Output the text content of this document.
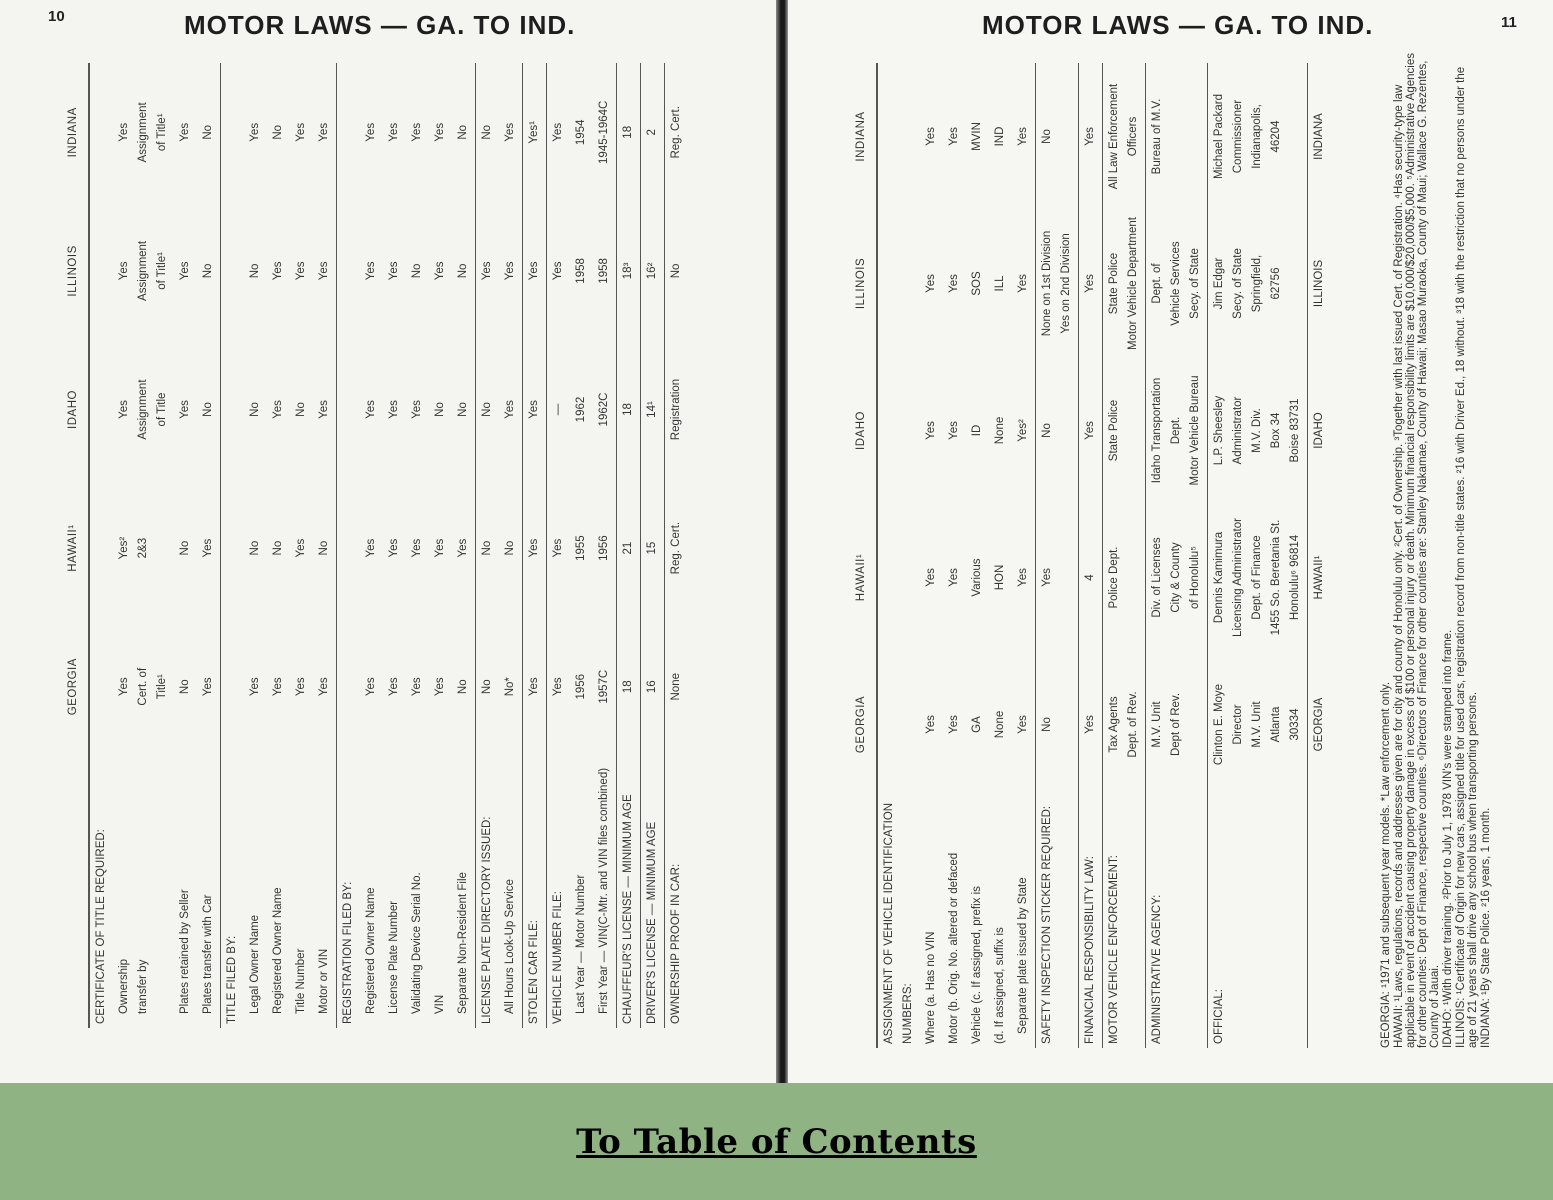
10	MOTOR LAWS — GA. TO IND.
GEORGIA
HAWAII¹
IDAHO
ILLINOIS
INDIANA
CERTIFICATE OF TITLE REQUIRED: Ownership
transfer by
Yes
Cert. of
Title¹
Yes²
2&3
Yes
Assignment
of Title
Yes
Assignment
of Title¹
Yes
Assignment
of Title¹
Plates retained by Seller
No
No
Yes
Yes
Yes
Plates transfer with Car
Yes
Yes
No
No
No
TITLE FILED BY: Legal Owner Name
Yes
No
No
No
Yes
Registered Owner Name
Yes
No
Yes
Yes
No
Title Number
Yes
Yes
No
Yes
Yes
Motor or VIN
Yes
No
Yes
Yes
Yes
REGISTRATION FILED BY: Registered Owner Name
Yes
Yes
Yes
Yes
Yes
License Plate Number
Yes
Yes
Yes
Yes
Yes
Validating Device Serial No.
Yes
Yes
Yes
No
Yes
VIN
Yes
Yes
No
Yes
Yes
Separate Non-Resident File
No
Yes
No
No
No
LICENSE PLATE DIRECTORY ISSUED:
No
No
No
Yes
No
All Hours Look-Up Service
No*
No
Yes
Yes
Yes
STOLEN CAR FILE:
Yes
Yes
Yes
Yes
Yes¹
VEHICLE NUMBER FILE:
Yes
Yes
—
Yes
Yes
Last Year — Motor Number
1956
1955
1962
1958
1954
First Year — VIN(C-Mtr. and VIN files combined)
1957C
1956
1962C
1958
1945-1964C
CHAUFFEUR'S LICENSE — MINIMUM AGE
18
21
18
18³
18
DRIVER'S LICENSE — MINIMUM AGE
16
15
14¹
16²
2
OWNERSHIP PROOF IN CAR:
None
Reg. Cert.
Registration
No
Reg. Cert.
MOTOR LAWS — GA. TO IND.	11
GEORGIA
HAWAII¹
IDAHO
ILLINOIS
INDIANA
ASSIGNMENT OF VEHICLE IDENTIFICATION NUMBERS: Where (a. Has no VIN
Yes
Yes
Yes
Yes
Yes
Motor (b. Orig. No. altered or defaced
Yes
Yes
Yes
Yes
Yes
Vehicle (c. If assigned, prefix is
GA
Various
ID
SOS
MVIN
(d. If assigned, suffix is
None
HON
None
ILL
IND
Separate plate issued by State
Yes
Yes
Yes²
Yes
Yes
SAFETY INSPECTION STICKER REQUIRED:
No
Yes
No
None on 1st Division
Yes on 2nd Division
No
FINANCIAL RESPONSIBILITY LAW:
Yes
4
Yes
Yes
Yes
MOTOR VEHICLE ENFORCEMENT:
Tax Agents
Dept. of Rev.
Police Dept.
State Police
State Police
Motor Vehicle Department
All Law Enforcement
Officers
ADMINISTRATIVE AGENCY:
M.V. Unit
Dept of Rev.
Div. of Licenses
City & County
of Honolulu⁵
Idaho Transportation
Dept.
Motor Vehicle Bureau
Dept. of
Vehicle Services
Secy. of State
Bureau of M.V.
OFFICIAL:
Clinton E. Moye
Director
M.V. Unit
Atlanta
30334
Dennis Kamimura
Licensing Administrator
Dept. of Finance
1455 So. Beretania St.
Honolulu⁶ 96814
L.P. Sheesley
Administrator
M.V. Div.
Box 34
Boise 83731
Jim Edgar
Secy. of State
Springfield,
62756
Michael Packard
Commissioner
Indianapolis,
46204
GEORGIA
HAWAII¹
IDAHO
ILLINOIS
INDIANA

GEORGIA: ¹1971 and subsequent year models. *Law enforcement only. HAWAII: ¹Laws, regulations, records and addresses given are for city and county of Honolulu only. ²Cert. of Ownership. ³Together with last issued Cert. of Registration. ⁴Has security-type law applicable in event of accident causing property damage in excess of $100 or personal injury or death. Minimum financial responsibility limits are $10,000/$20,000/$5,000. ⁵Administrative Agencies for other counties: Dept of Finance, respective counties. ⁶Directors of Finance for other counties are: Stanley Nakamae, County of Hawaii; Masao Muraoka, County of Maui; Wallace G. Rezentes, County of Jauai. IDAHO: ¹With driver training. ²Prior to July 1, 1978 VIN's were stamped into frame. ILLINOIS: ¹Certificate of Origin for new cars, assigned title for used cars, registration record from non-title states. ²16 with Driver Ed., 18 without. ³18 with the restriction that no persons under the age of 21 years shall drive any school bus when transporting persons. INDIANA: ¹By State Police. ²16 years, 1 month.

To Table of Contents
